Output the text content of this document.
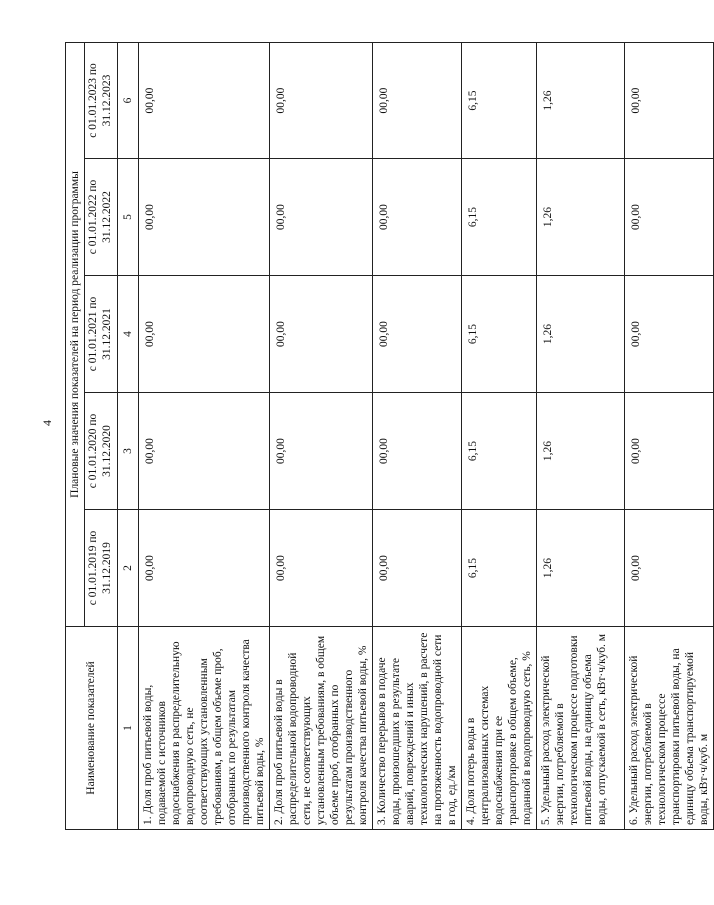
4
Наименование показателей	Плановые значения показателей на период реализации программы				
	с 01.01.2019 по 31.12.2019	с 01.01.2020 по 31.12.2020	с 01.01.2021 по 31.12.2021	с 01.01.2022 по 31.12.2022	с 01.01.2023 по 31.12.2023
1	2	3	4	5	6
1. Доля проб питьевой воды, подаваемой с источников водоснабжения в распределительную водопроводную сеть, не соответствующих установленным требованиям, в общем объеме проб, отобранных по результатам производственного контроля качества питьевой воды, %	00,00	00,00	00,00	00,00	00,00
2. Доля проб питьевой воды в распределительной водопроводной сети, не соответствующих установленным требованиям, в общем объеме проб, отобранных по результатам производственного контроля качества питьевой воды, %	00,00	00,00	00,00	00,00	00,00
3. Количество перерывов в подаче воды, произошедших в результате аварий, повреждений и иных технологических нарушений, в расчете на протяженность водопроводной сети в год, ед./км	00,00	00,00	00,00	00,00	00,00
4. Доля потерь воды в централизованных системах водоснабжения при ее транспортировке в общем объеме, поданной в водопроводную сеть, %	6,15	6,15	6,15	6,15	6,15
5. Удельный расход электрической энергии, потребляемой в технологическом процессе подготовки питьевой воды, на единицу объема воды, отпускаемой в сеть, кВт·ч/куб. м	1,26	1,26	1,26	1,26	1,26
6. Удельный расход электрической энергии, потребляемой в технологическом процессе транспортировки питьевой воды, на единицу объема транспортируемой воды, кВт·ч/куб. м	00,00	00,00	00,00	00,00	00,00
